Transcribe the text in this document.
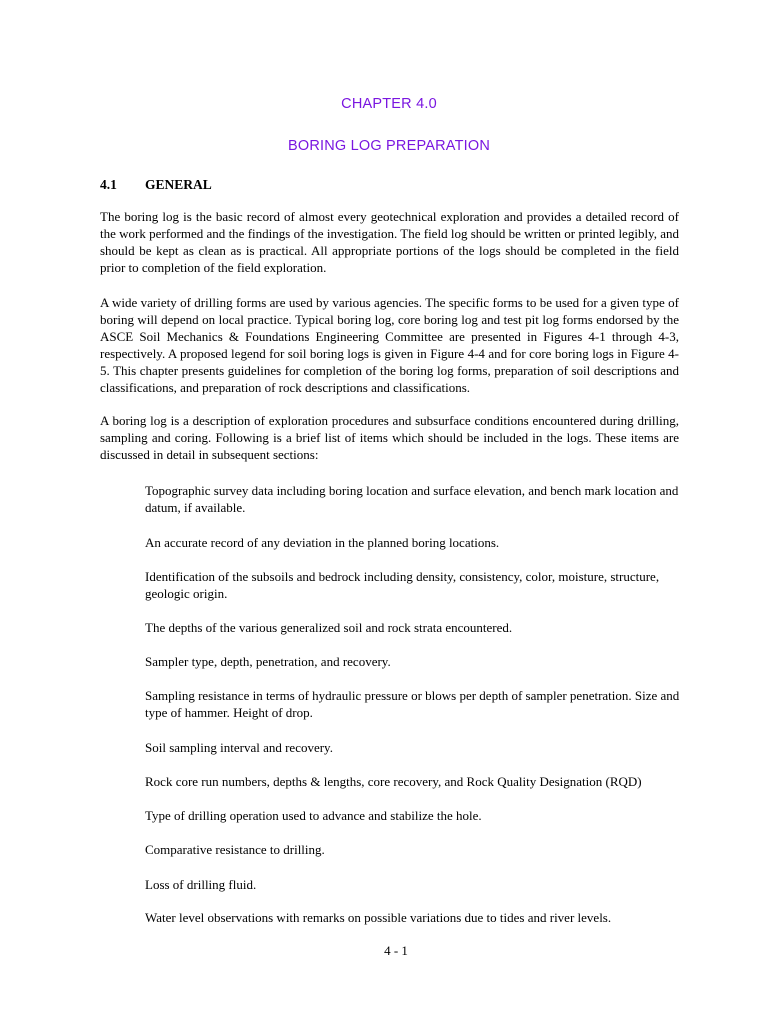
CHAPTER 4.0
BORING LOG PREPARATION
4.1 GENERAL

The boring log is the basic record of almost every geotechnical exploration and provides a detailed record of the work performed and the findings of the investigation. The field log should be written or printed legibly, and should be kept as clean as is practical. All appropriate portions of the logs should be completed in the field prior to completion of the field exploration.

A wide variety of drilling forms are used by various agencies. The specific forms to be used for a given type of boring will depend on local practice. Typical boring log, core boring log and test pit log forms endorsed by the ASCE Soil Mechanics & Foundations Engineering Committee are presented in Figures 4-1 through 4-3, respectively. A proposed legend for soil boring logs is given in Figure 4-4 and for core boring logs in Figure 4-5. This chapter presents guidelines for completion of the boring log forms, preparation of soil descriptions and classifications, and preparation of rock descriptions and classifications.

A boring log is a description of exploration procedures and subsurface conditions encountered during drilling, sampling and coring. Following is a brief list of items which should be included in the logs. These items are discussed in detail in subsequent sections:

Topographic survey data including boring location and surface elevation, and bench mark location and datum, if available.

An accurate record of any deviation in the planned boring locations.

Identification of the subsoils and bedrock including density, consistency, color, moisture, structure, geologic origin.

The depths of the various generalized soil and rock strata encountered.

Sampler type, depth, penetration, and recovery.

Sampling resistance in terms of hydraulic pressure or blows per depth of sampler penetration. Size and type of hammer. Height of drop.

Soil sampling interval and recovery.

Rock core run numbers, depths & lengths, core recovery, and Rock Quality Designation (RQD)

Type of drilling operation used to advance and stabilize the hole.

Comparative resistance to drilling.

Loss of drilling fluid.

Water level observations with remarks on possible variations due to tides and river levels.

4 - 1
